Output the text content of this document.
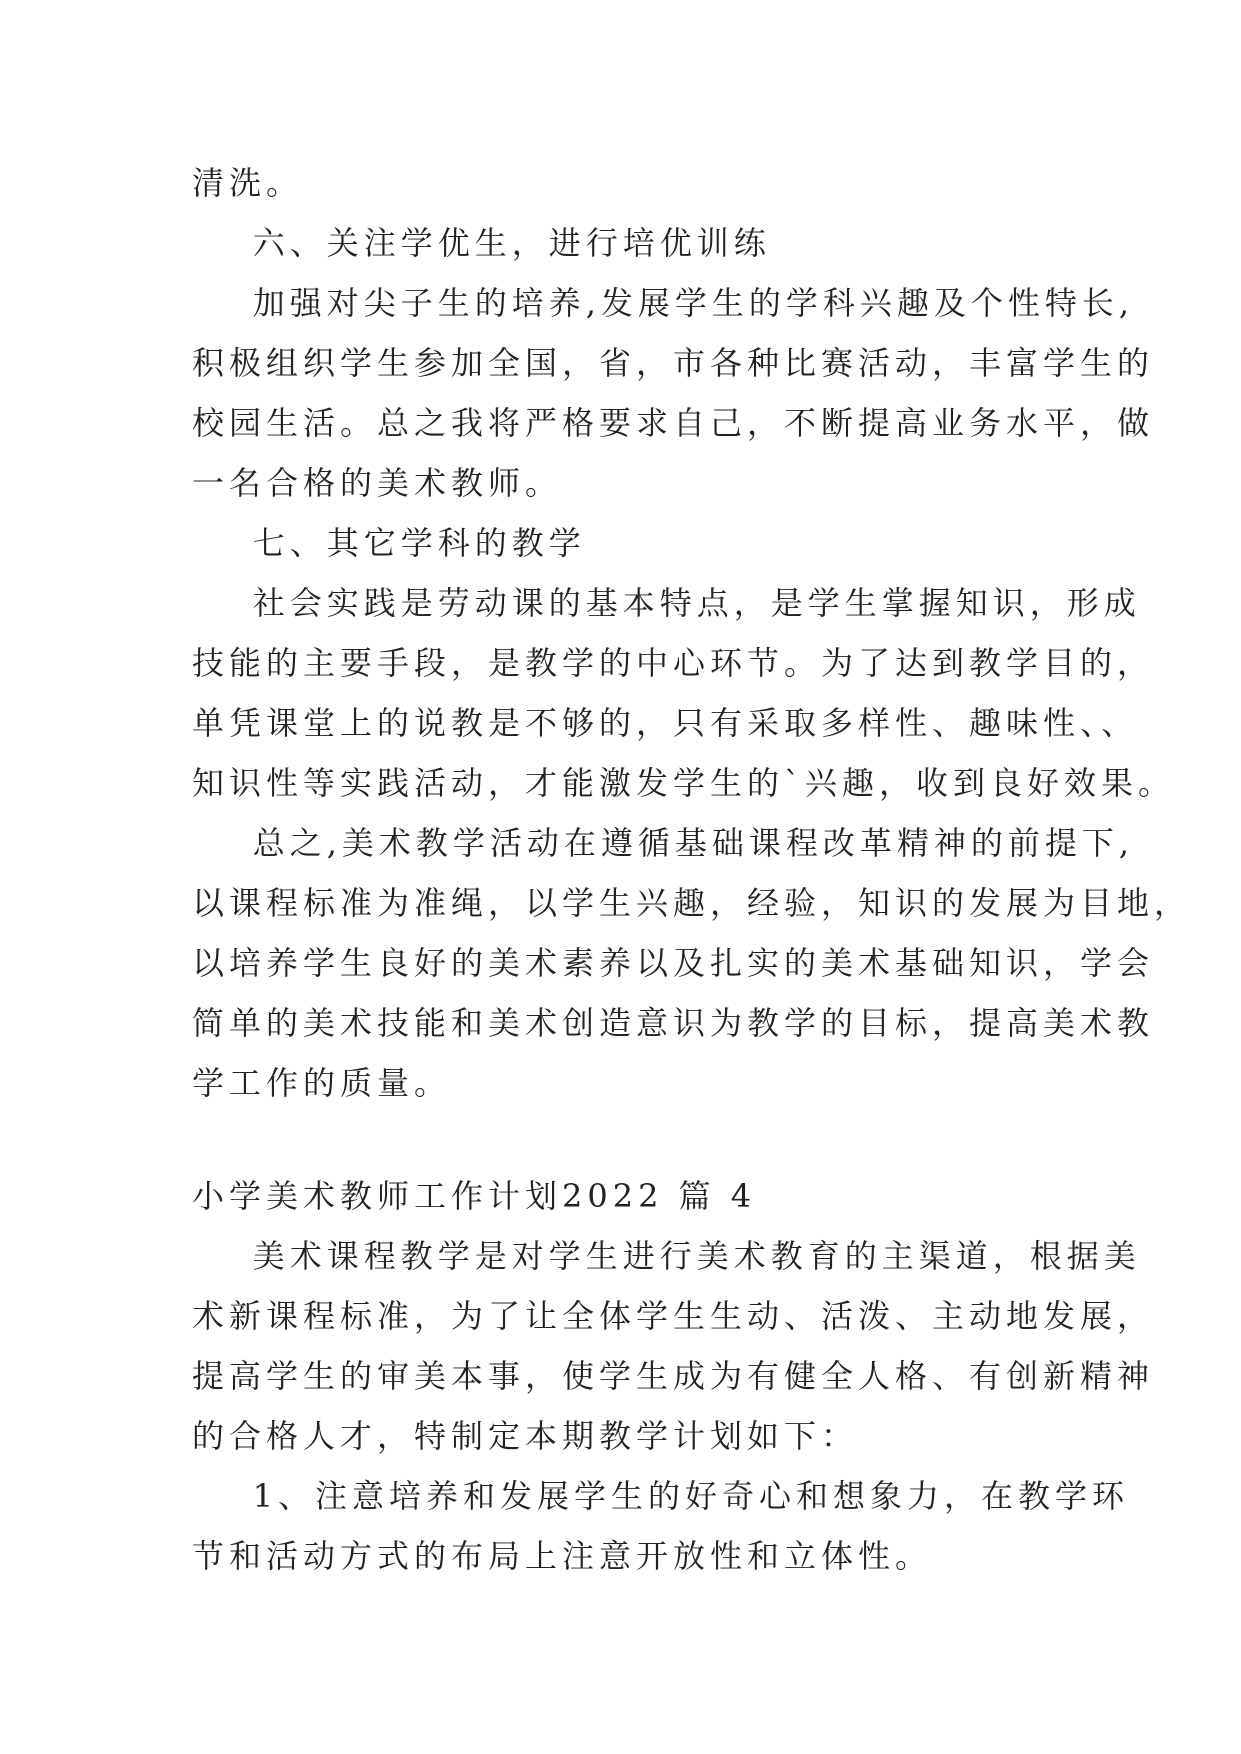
清洗。
六、关注学优生，进行培优训练
加强对尖子生的培养,发展学生的学科兴趣及个性特长,
积极组织学生参加全国，省，市各种比赛活动，丰富学生的
校园生活。总之我将严格要求自己，不断提高业务水平，做
一名合格的美术教师。
七、其它学科的教学
社会实践是劳动课的基本特点，是学生掌握知识，形成
技能的主要手段，是教学的中心环节。为了达到教学目的，
单凭课堂上的说教是不够的，只有采取多样性、趣味性、、
知识性等实践活动，才能激发学生的`兴趣，收到良好效果。
总之,美术教学活动在遵循基础课程改革精神的前提下,
以课程标准为准绳，以学生兴趣，经验，知识的发展为目地，
以培养学生良好的美术素养以及扎实的美术基础知识，学会
简单的美术技能和美术创造意识为教学的目标，提高美术教
学工作的质量。
小学美术教师工作计划2022 篇 4
美术课程教学是对学生进行美术教育的主渠道，根据美
术新课程标准，为了让全体学生生动、活泼、主动地发展，
提高学生的审美本事，使学生成为有健全人格、有创新精神
的合格人才，特制定本期教学计划如下：
1、注意培养和发展学生的好奇心和想象力，在教学环
节和活动方式的布局上注意开放性和立体性。
